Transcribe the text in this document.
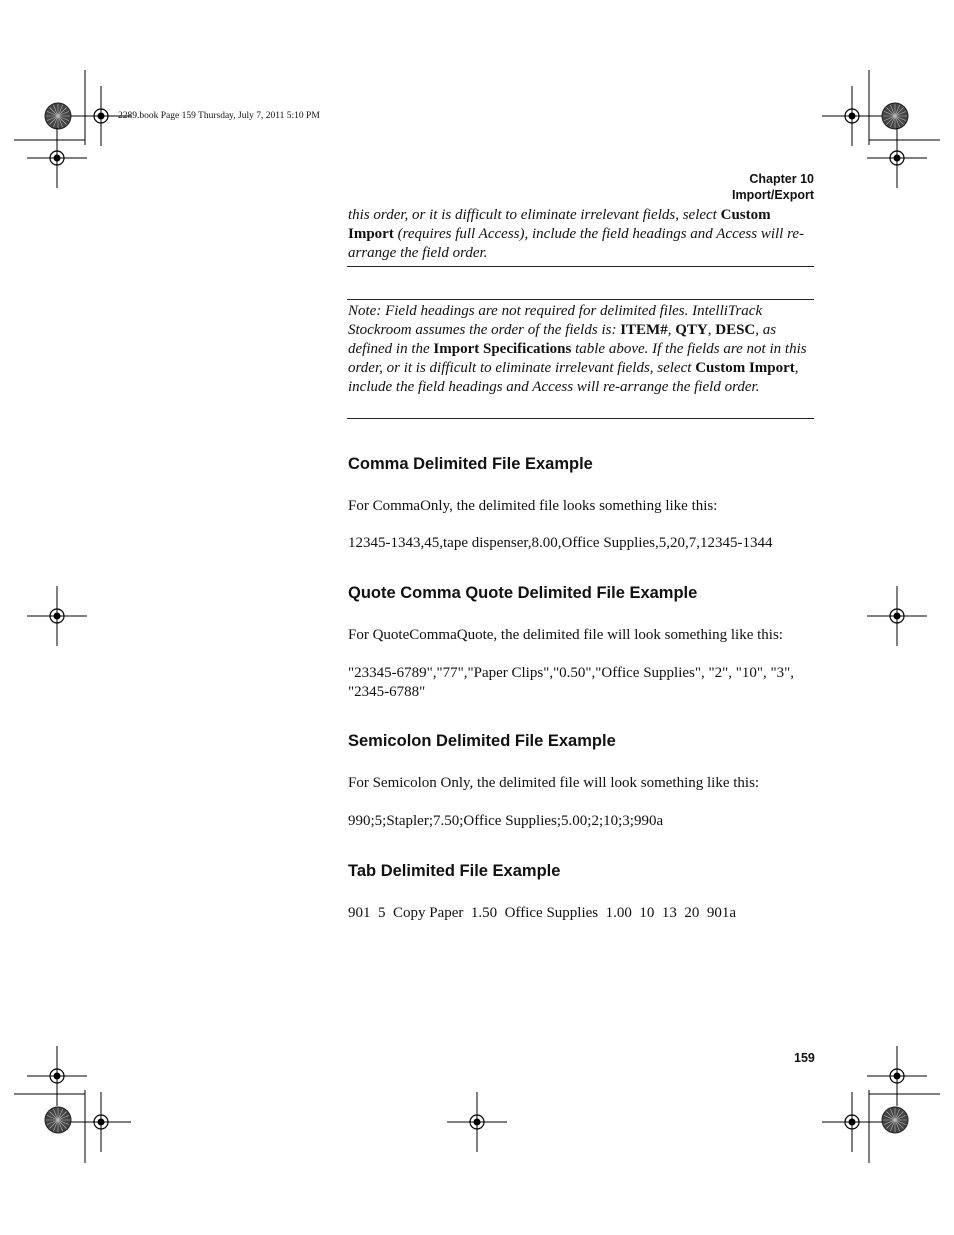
2289.book Page 159 Thursday, July 7, 2011 5:10 PM
Chapter 10
Import/Export
this order, or it is difficult to eliminate irrelevant fields, select Custom Import (requires full Access), include the field headings and Access will re-arrange the field order.
Note: Field headings are not required for delimited files. IntelliTrack Stockroom assumes the order of the fields is: ITEM#, QTY, DESC, as defined in the Import Specifications table above. If the fields are not in this order, or it is difficult to eliminate irrelevant fields, select Custom Import, include the field headings and Access will re-arrange the field order.
Comma Delimited File Example
For CommaOnly, the delimited file looks something like this:
12345-1343,45,tape dispenser,8.00,Office Supplies,5,20,7,12345-1344
Quote Comma Quote Delimited File Example
For QuoteCommaQuote, the delimited file will look something like this:
"23345-6789","77","Paper Clips","0.50","Office Supplies", "2", "10", "3",
"2345-6788"
Semicolon Delimited File Example
For Semicolon Only, the delimited file will look something like this:
990;5;Stapler;7.50;Office Supplies;5.00;2;10;3;990a
Tab Delimited File Example
901  5  Copy Paper  1.50  Office Supplies  1.00  10  13  20  901a
159
